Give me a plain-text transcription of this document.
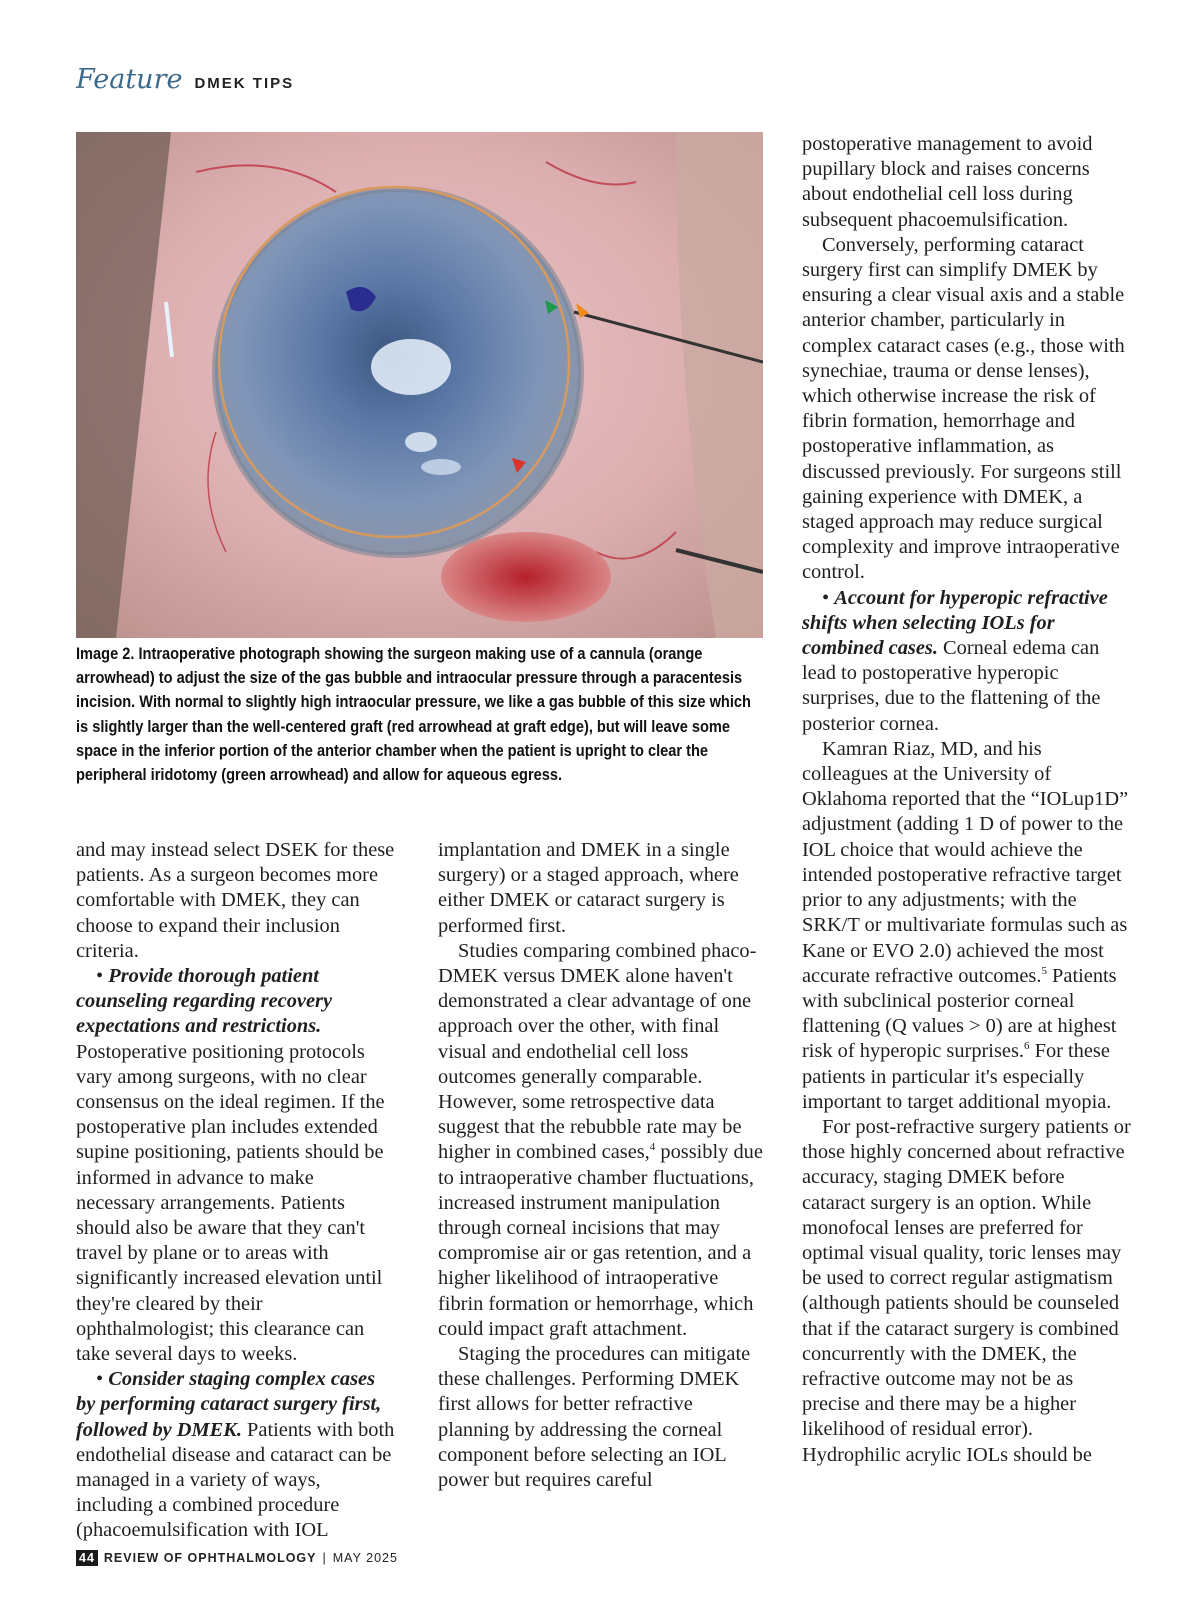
Feature DMEK TIPS

Image 2. Intraoperative photograph showing the surgeon making use of a cannula (orange arrowhead) to adjust the size of the gas bubble and intraocular pressure through a paracentesis incision. With normal to slightly high intraocular pressure, we like a gas bubble of this size which is slightly larger than the well-centered graft (red arrowhead at graft edge), but will leave some space in the inferior portion of the anterior chamber when the patient is upright to clear the peripheral iridotomy (green arrowhead) and allow for aqueous egress.

and may instead select DSEK for these patients. As a surgeon becomes more comfortable with DMEK, they can choose to expand their inclusion criteria.

• Provide thorough patient counseling regarding recovery expectations and restrictions. Postoperative positioning protocols vary among surgeons, with no clear consensus on the ideal regimen. If the postoperative plan includes extended supine positioning, patients should be informed in advance to make necessary arrangements. Patients should also be aware that they can't travel by plane or to areas with significantly increased elevation until they're cleared by their ophthalmologist; this clearance can take several days to weeks.

• Consider staging complex cases by performing cataract surgery first, followed by DMEK. Patients with both endothelial disease and cataract can be managed in a variety of ways, including a combined procedure (phacoemulsification with IOL

implantation and DMEK in a single surgery) or a staged approach, where either DMEK or cataract surgery is performed first.

Studies comparing combined phaco-DMEK versus DMEK alone haven't demonstrated a clear advantage of one approach over the other, with final visual and endothelial cell loss outcomes generally comparable. However, some retrospective data suggest that the rebubble rate may be higher in combined cases,$^4$ possibly due to intraoperative chamber fluctuations, increased instrument manipulation through corneal incisions that may compromise air or gas retention, and a higher likelihood of intraoperative fibrin formation or hemorrhage, which could impact graft attachment.

Staging the procedures can mitigate these challenges. Performing DMEK first allows for better refractive planning by addressing the corneal component before selecting an IOL power but requires careful

postoperative management to avoid pupillary block and raises concerns about endothelial cell loss during subsequent phacoemulsification.

Conversely, performing cataract surgery first can simplify DMEK by ensuring a clear visual axis and a stable anterior chamber, particularly in complex cataract cases (e.g., those with synechiae, trauma or dense lenses), which otherwise increase the risk of fibrin formation, hemorrhage and postoperative inflammation, as discussed previously. For surgeons still gaining experience with DMEK, a staged approach may reduce surgical complexity and improve intraoperative control.

• Account for hyperopic refractive shifts when selecting IOLs for combined cases. Corneal edema can lead to postoperative hyperopic surprises, due to the flattening of the posterior cornea.

Kamran Riaz, MD, and his colleagues at the University of Oklahoma reported that the “IOLup1D” adjustment (adding 1 D of power to the IOL choice that would achieve the intended postoperative refractive target prior to any adjustments; with the SRK/T or multivariate formulas such as Kane or EVO 2.0) achieved the most accurate refractive outcomes.$^5$ Patients with subclinical posterior corneal flattening (Q values > 0) are at highest risk of hyperopic surprises.$^6$ For these patients in particular it's especially important to target additional myopia.

For post-refractive surgery patients or those highly concerned about refractive accuracy, staging DMEK before cataract surgery is an option. While monofocal lenses are preferred for optimal visual quality, toric lenses may be used to correct regular astigmatism (although patients should be counseled that if the cataract surgery is combined concurrently with the DMEK, the refractive outcome may not be as precise and there may be a higher likelihood of residual error). Hydrophilic acrylic IOLs should be

44 REVIEW OF OPHTHALMOLOGY | MAY 2025
